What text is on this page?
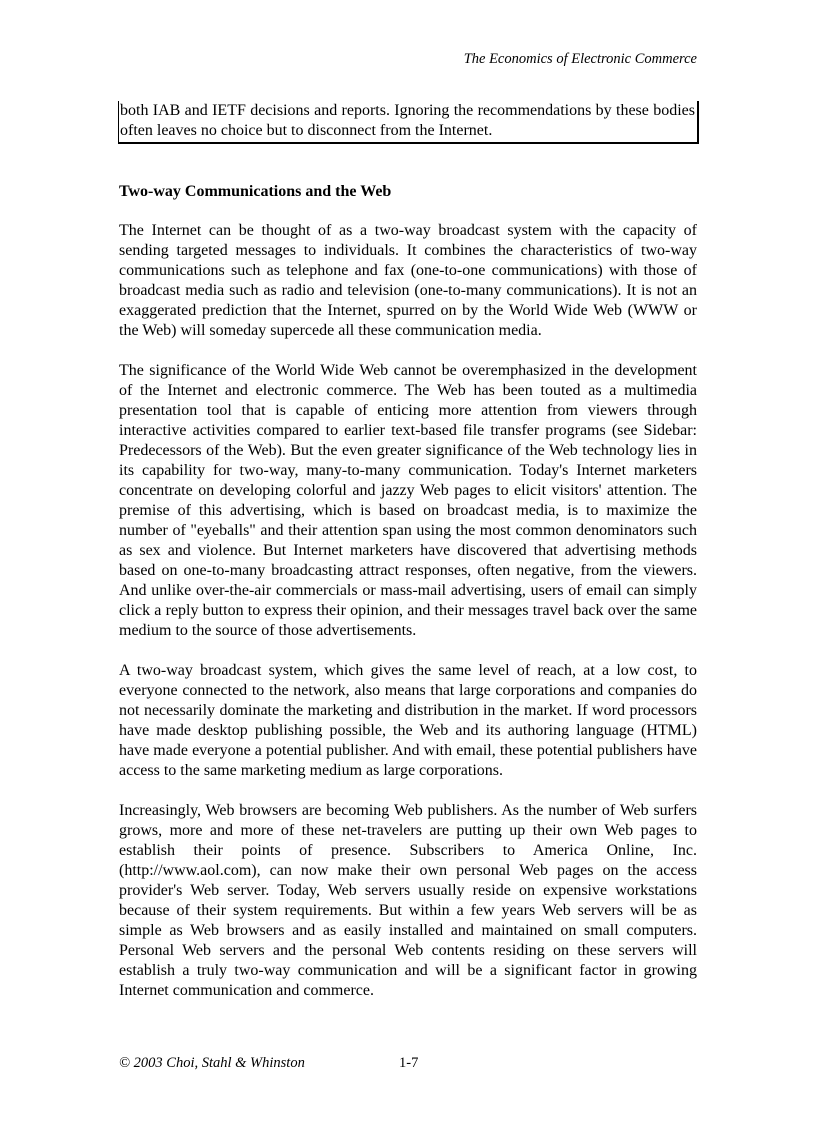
The Economics of Electronic Commerce
both IAB and IETF decisions and reports. Ignoring the recommendations by these bodies
often leaves no choice but to disconnect from the Internet.
Two-way Communications and the Web

The Internet can be thought of as a two-way broadcast system with the capacity of sending targeted messages to individuals. It combines the characteristics of two-way communications such as telephone and fax (one-to-one communications) with those of broadcast media such as radio and television (one-to-many communications). It is not an exaggerated prediction that the Internet, spurred on by the World Wide Web (WWW or the Web) will someday supercede all these communication media.

The significance of the World Wide Web cannot be overemphasized in the development of the Internet and electronic commerce. The Web has been touted as a multimedia presentation tool that is capable of enticing more attention from viewers through interactive activities compared to earlier text-based file transfer programs (see Sidebar: Predecessors of the Web). But the even greater significance of the Web technology lies in its capability for two-way, many-to-many communication. Today's Internet marketers concentrate on developing colorful and jazzy Web pages to elicit visitors' attention. The premise of this advertising, which is based on broadcast media, is to maximize the number of "eyeballs" and their attention span using the most common denominators such as sex and violence. But Internet marketers have discovered that advertising methods based on one-to-many broadcasting attract responses, often negative, from the viewers. And unlike over-the-air commercials or mass-mail advertising, users of email can simply click a reply button to express their opinion, and their messages travel back over the same medium to the source of those advertisements.

A two-way broadcast system, which gives the same level of reach, at a low cost, to everyone connected to the network, also means that large corporations and companies do not necessarily dominate the marketing and distribution in the market. If word processors have made desktop publishing possible, the Web and its authoring language (HTML) have made everyone a potential publisher. And with email, these potential publishers have access to the same marketing medium as large corporations.

Increasingly, Web browsers are becoming Web publishers. As the number of Web surfers grows, more and more of these net-travelers are putting up their own Web pages to establish their points of presence. Subscribers to America Online, Inc. (http://www.aol.com), can now make their own personal Web pages on the access provider's Web server. Today, Web servers usually reside on expensive workstations because of their system requirements. But within a few years Web servers will be as simple as Web browsers and as easily installed and maintained on small computers. Personal Web servers and the personal Web contents residing on these servers will establish a truly two-way communication and will be a significant factor in growing Internet communication and commerce.

© 2003 Choi, Stahl & Whinston	1-7
